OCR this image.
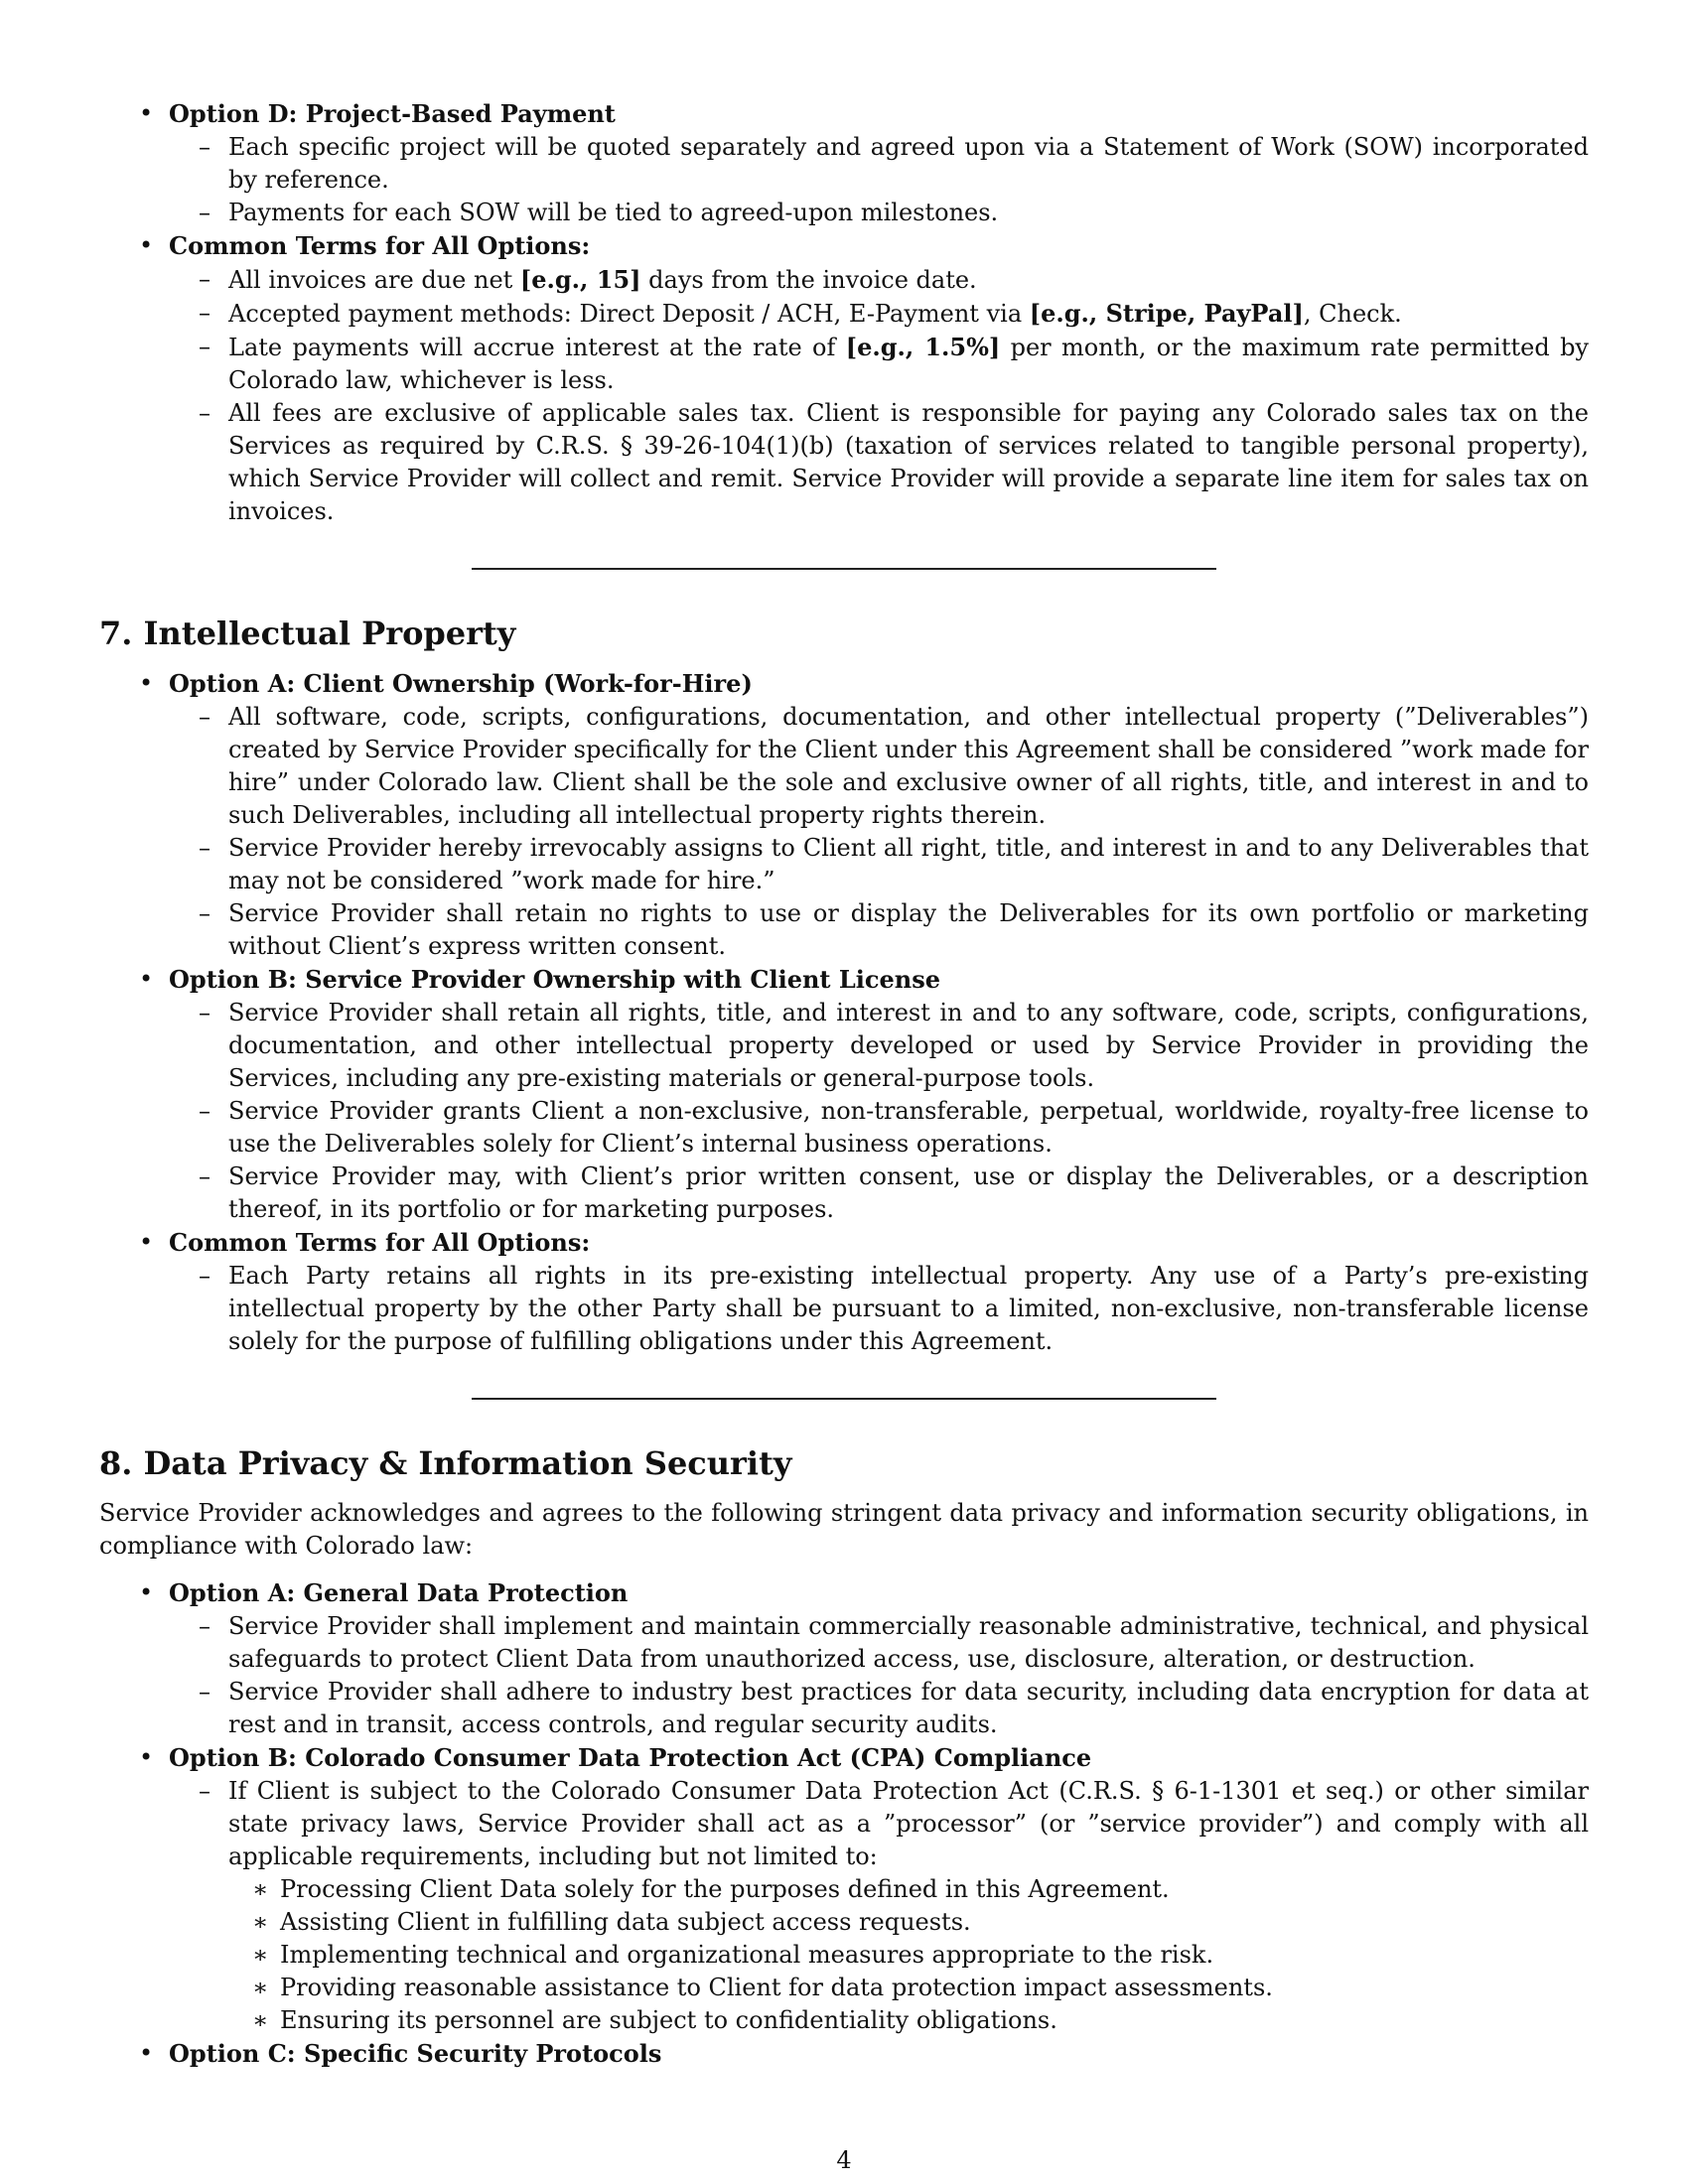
• Option D: Project-Based Payment
– Each specific project will be quoted separately and agreed upon via a Statement of Work (SOW) incorporated by reference.
– Payments for each SOW will be tied to agreed-upon milestones.
• Common Terms for All Options:
– All invoices are due net [e.g., 15] days from the invoice date.
– Accepted payment methods: Direct Deposit / ACH, E-Payment via [e.g., Stripe, PayPal], Check.
– Late payments will accrue interest at the rate of [e.g., 1.5%] per month, or the maximum rate permitted by Colorado law, whichever is less.
– All fees are exclusive of applicable sales tax. Client is responsible for paying any Colorado sales tax on the Services as required by C.R.S. § 39-26-104(1)(b) (taxation of services related to tangible personal property), which Service Provider will collect and remit. Service Provider will provide a separate line item for sales tax on invoices.
7. Intellectual Property
• Option A: Client Ownership (Work-for-Hire)
– All software, code, scripts, configurations, documentation, and other intellectual property (”Deliverables”) created by Service Provider specifically for the Client under this Agreement shall be considered ”work made for hire” under Colorado law. Client shall be the sole and exclusive owner of all rights, title, and interest in and to such Deliverables, including all intellectual property rights therein.
– Service Provider hereby irrevocably assigns to Client all right, title, and interest in and to any Deliverables that may not be considered ”work made for hire.”
– Service Provider shall retain no rights to use or display the Deliverables for its own portfolio or marketing without Client’s express written consent.
• Option B: Service Provider Ownership with Client License
– Service Provider shall retain all rights, title, and interest in and to any software, code, scripts, configurations, documentation, and other intellectual property developed or used by Service Provider in providing the Services, including any pre-existing materials or general-purpose tools.
– Service Provider grants Client a non-exclusive, non-transferable, perpetual, worldwide, royalty-free license to use the Deliverables solely for Client’s internal business operations.
– Service Provider may, with Client’s prior written consent, use or display the Deliverables, or a description thereof, in its portfolio or for marketing purposes.
• Common Terms for All Options:
– Each Party retains all rights in its pre-existing intellectual property. Any use of a Party’s pre-existing intellectual property by the other Party shall be pursuant to a limited, non-exclusive, non-transferable license solely for the purpose of fulfilling obligations under this Agreement.
8. Data Privacy & Information Security

Service Provider acknowledges and agrees to the following stringent data privacy and information security obligations, in compliance with Colorado law:

• Option A: General Data Protection
– Service Provider shall implement and maintain commercially reasonable administrative, technical, and physical safeguards to protect Client Data from unauthorized access, use, disclosure, alteration, or destruction.
– Service Provider shall adhere to industry best practices for data security, including data encryption for data at rest and in transit, access controls, and regular security audits.
• Option B: Colorado Consumer Data Protection Act (CPA) Compliance
– If Client is subject to the Colorado Consumer Data Protection Act (C.R.S. § 6-1-1301 et seq.) or other similar state privacy laws, Service Provider shall act as a ”processor” (or ”service provider”) and comply with all applicable requirements, including but not limited to:
∗ Processing Client Data solely for the purposes defined in this Agreement.
∗ Assisting Client in fulfilling data subject access requests.
∗ Implementing technical and organizational measures appropriate to the risk.
∗ Providing reasonable assistance to Client for data protection impact assessments.
∗ Ensuring its personnel are subject to confidentiality obligations.
• Option C: Specific Security Protocols
4
